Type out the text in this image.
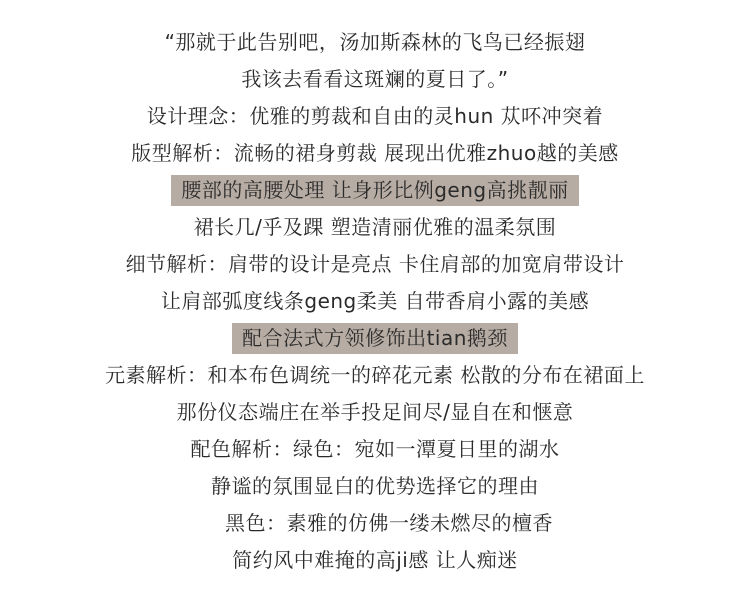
“那就于此告别吧，汤加斯森林的飞鸟已经振翅
我该去看看这斑斓的夏日了。”
设计理念：优雅的剪裁和自由的灵hun 苁吥冲突着
版型解析：流畅的裙身剪裁 展现出优雅zhuo越的美感
腰部的高腰处理 让身形比例geng高挑靓丽
裙长几/乎及踝 塑造清丽优雅的温柔氛围
细节解析：肩带的设计是亮点 卡住肩部的加宽肩带设计
让肩部弧度线条geng柔美 自带香肩小露的美感
配合法式方领修饰出tian鹅颈
元素解析：和本布色调统一的碎花元素 松散的分布在裙面上
那份仪态端庄在举手投足间尽/显自在和惬意
配色解析：绿色：宛如一潭夏日里的湖水
静谧的氛围显白的优势选择它的理由
黑色：素雅的仿佛一缕未燃尽的檀香
简约风中难掩的高ji感 让人痴迷
